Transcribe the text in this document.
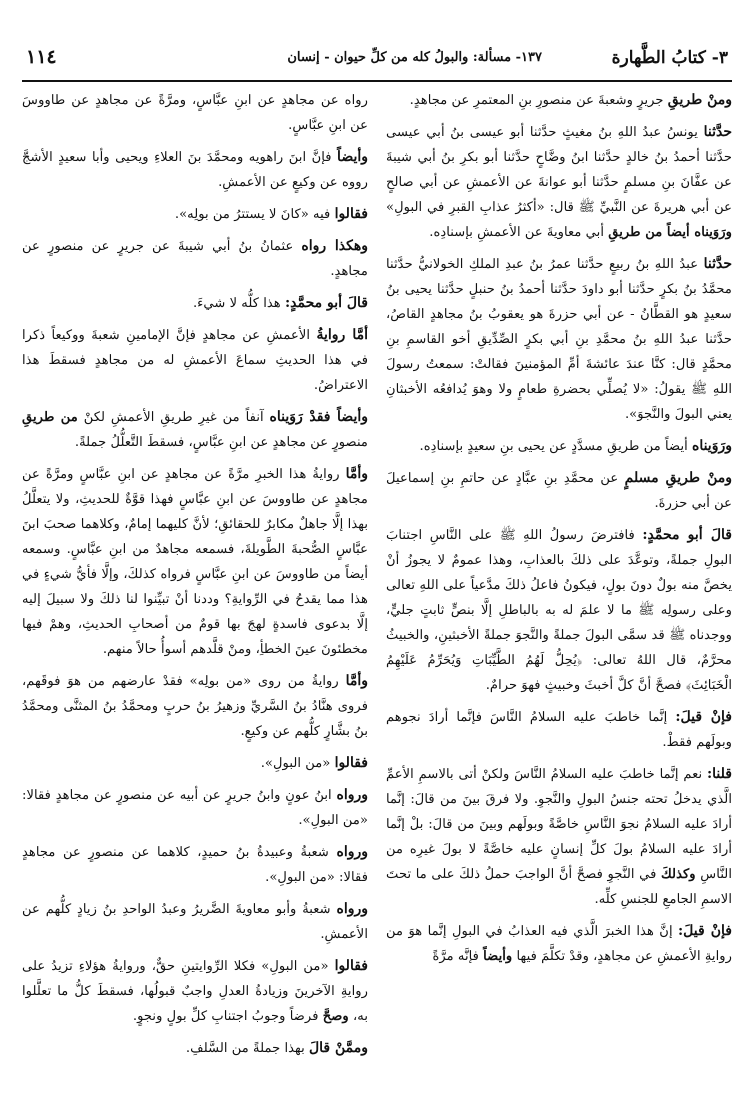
٣- كتابُ الطَّهارة
١٣٧- مسألة: والبولُ كله من كلِّ حيوان - إنسان
١١٤

ومنْ طريقِ جريرٍ وشعبةَ عن منصورِ بنِ المعتمرِ عن مجاهدٍ.

حدَّثنا يونسُ عبدُ اللهِ بنُ مغيثٍ حدَّثنا أبو عيسى بنُ أبي عيسى حدَّثنا أحمدُ بنُ خالدٍ حدَّثنا ابنُ وضَّاحٍ حدَّثنا أبو بكرِ بنُ أبي شيبةَ عن عفَّانَ بنِ مسلمٍ حدَّثنا أبو عوانةَ عن الأعمشِ عن أبي صالحٍ عن أبي هريرةَ عن النَّبيِّ ﷺ قال: «أكثرُ عذابِ القبرِ في البولِ» ورَوَيناه أيضاً من طريقِ أبي معاويةَ عن الأعمشِ بإسنادِه.

حدَّثنا عبدُ اللهِ بنُ ربيعٍ حدَّثنا عمرُ بنُ عبدِ الملكِ الخولانيُّ حدَّثنا محمَّدُ بنُ بكرٍ حدَّثنا أبو داودَ حدَّثنا أحمدُ بنُ حنبلٍ حدَّثنا يحيى بنُ سعيدٍ هو القطَّانُ - عن أبي حزرةَ هو يعقوبُ بنُ مجاهدٍ القاصُ، حدَّثنا عبدُ اللهِ بنُ محمَّدِ بنِ أبي بكرٍ الصِّدِّيقِ أخو القاسمِ بنِ محمَّدٍ قال: كنَّا عندَ عائشةَ أمِّ المؤمنينَ فقالتْ: سمعتُ رسولَ اللهِ ﷺ يقولُ: «لا يُصلِّي بحضرةِ طعامٍ ولا وهوَ يُدافعُه الأخبثانِ يعني البولَ والنَّجوَ».

ورَوَيناه أيضاً من طريقِ مسدَّدٍ عن يحيى بنِ سعيدٍ بإسنادِه.

ومنْ طريقِ مسلمٍ عن محمَّدِ بنِ عبَّادٍ عن حاتمِ بنِ إسماعيلَ عن أبي حزرةَ.

قالَ أبو محمَّدٍ: فافترضَ رسولُ اللهِ ﷺ على النَّاسِ اجتنابَ البولِ جملةً، وتوعَّدَ على ذلكَ بالعذابِ، وهذا عمومٌ لا يجوزُ أنْ يخصَّ منه بولٌ دونَ بولٍ، فيكونُ فاعلُ ذلكَ مدَّعياً على اللهِ تعالى وعلى رسولِه ﷺ ما لا علمَ له به بالباطلِ إلَّا بنصٍّ ثابتٍ جليٍّ، ووجدناه ﷺ قد سمَّى البولَ جملةً والنَّجوَ جملةً الأخبثينِ، والخبيثُ محرَّمٌ، قال اللهُ تعالى: ﴿يُحِلُّ لَهُمُ الطَّيِّبَاتِ وَيُحَرِّمُ عَلَيْهِمُ الْخَبَائِثَ﴾ فصحَّ أنَّ كلَّ أخبثَ وخبيثٍ فهوَ حرامٌ.

فإنْ قيلَ: إنَّما خاطبَ عليه السلامُ النَّاسَ فإنَّما أرادَ نجوهم وبولَهم فقطْ.

قلنا: نعم إنَّما خاطبَ عليه السلامُ النَّاسَ ولكنْ أتى بالاسمِ الأعمِّ الَّذي يدخلُ تحته جنسُ البولِ والنَّجوِ. ولا فرقَ بينَ من قالَ: إنَّما أرادَ عليه السلامُ نجوَ النَّاسِ خاصَّةً وبولَهم وبينَ من قالَ: بلْ إنَّما أرادَ عليه السلامُ بولَ كلِّ إنسانٍ عليه خاصَّةً لا بولَ غيرِه من النَّاسِ وكذلكَ في النَّجوِ فصحَّ أنَّ الواجبَ حملُ ذلكَ على ما تحتَ الاسمِ الجامعِ للجنسِ كلِّه.

فإنْ قيلَ: إنَّ هذا الخبرَ الَّذي فيه العذابُ في البولِ إنَّما هوَ من روايةِ الأعمشِ عن مجاهدٍ، وقدْ تكلَّمَ فيها وأيضاً فإنَّه مرَّةً

رواه عن مجاهدٍ عن ابنِ عبَّاسٍ، ومرَّةً عن مجاهدٍ عن طاووسَ عن ابنِ عبَّاسٍ.

وأيضاً فإنَّ ابنَ راهويه ومحمَّدَ بنَ العلاءِ ويحيى وأبا سعيدٍ الأشجَّ رووه عن وكيعٍ عن الأعمشِ.

فقالوا فيه «كانَ لا يستترُ من بولِه».

وهكذا رواه عثمانُ بنُ أبي شيبةَ عن جريرٍ عن منصورٍ عن مجاهدٍ.

قالَ أبو محمَّدٍ: هذا كلُّه لا شيءَ.

أمَّا روايةُ الأعمشِ عن مجاهدٍ فإنَّ الإمامينِ شعبةَ ووكيعاً ذكرا في هذا الحديثِ سماعَ الأعمشِ له من مجاهدٍ فسقطَ هذا الاعتراضُ.

وأيضاً فقدْ رَوَيناه آنفاً من غيرِ طريقِ الأعمشِ لكنْ من طريقِ منصورٍ عن مجاهدٍ عن ابنِ عبَّاسٍ، فسقطَ التَّعلُّلُ جملةً.

وأمَّا روايةُ هذا الخبرِ مرَّةً عن مجاهدٍ عن ابنِ عبَّاسٍ ومرَّةً عن مجاهدٍ عن طاووسَ عن ابنِ عبَّاسٍ فهذا قوَّةٌ للحديثِ، ولا يتعلَّلُ بهذا إلَّا جاهلٌ مكابرٌ للحقائقِ؛ لأنَّ كليهما إمامٌ، وكلاهما صحبَ ابنَ عبَّاسٍ الصُّحبةَ الطَّويلةَ، فسمعه مجاهدٌ من ابنِ عبَّاسٍ. وسمعه أيضاً من طاووسَ عن ابنِ عبَّاسٍ فرواه كذلكَ، وإلَّا فأيُّ شيءٍ في هذا مما يقدحُ في الرِّوايةِ؟ وددنا أنْ تبيِّنوا لنا ذلكَ ولا سبيلَ إليه إلَّا بدعوى فاسدةٍ لهجَ بها قومٌ من أصحابِ الحديثِ، وهمْ فيها مخطئونَ عينَ الخطأِ، ومنْ قلَّدهم أسوأُ حالاً منهم.

وأمَّا روايةُ من روى «من بولِه» فقدْ عارضهم من هوَ فوقَهم، فروى هنَّادُ بنُ السَّريِّ وزهيرُ بنُ حربٍ ومحمَّدُ بنُ المثنَّى ومحمَّدُ بنُ بشَّارٍ كلُّهم عن وكيعٍ.

فقالوا «من البولِ».

ورواه ابنُ عونٍ وابنُ جريرٍ عن أبيه عن منصورٍ عن مجاهدٍ فقالا: «من البولِ».

ورواه شعبةُ وعبيدةُ بنُ حميدٍ، كلاهما عن منصورٍ عن مجاهدٍ فقالا: «من البولِ».

ورواه شعبةُ وأبو معاويةَ الضَّريرُ وعبدُ الواحدِ بنُ زيادٍ كلُّهم عن الأعمشِ.

فقالوا «من البولِ» فكلا الرِّوايتينِ حقٌّ، وروايةُ هؤلاءِ تزيدُ على روايةِ الآخرينَ وزيادةُ العدلِ واجبٌ قبولُها، فسقطَ كلُّ ما تعلَّلوا به، وصحَّ فرضاً وجوبُ اجتنابِ كلِّ بولٍ ونجوٍ.

وممَّنْ قالَ بهذا جملةً من السَّلفِ.
